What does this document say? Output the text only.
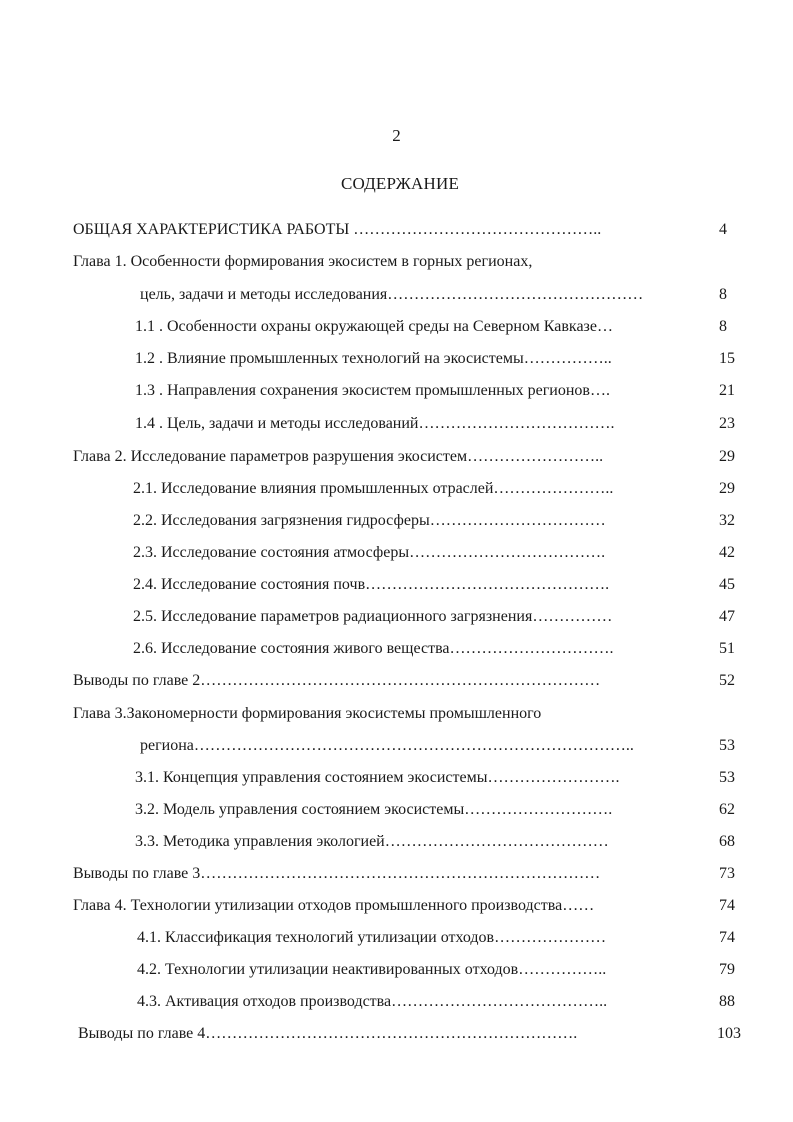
2
СОДЕРЖАНИЕ
ОБЩАЯ ХАРАКТЕРИСТИКА РАБОТЫ ………………………………………..	4
Глава 1. Особенности формирования экосистем в горных регионах,
цель, задачи и методы исследования…………………………………………	8
1.1 . Особенности охраны окружающей среды на Северном Кавказе…	8
1.2 . Влияние промышленных технологий на экосистемы……………..	15
1.3 . Направления сохранения экосистем промышленных регионов….	21
1.4 . Цель, задачи и методы исследований……………………………….	23
Глава 2. Исследование параметров разрушения экосистем……………………..	29
2.1. Исследование влияния промышленных отраслей…………………..	29
2.2. Исследования загрязнения гидросферы……………………………	32
2.3. Исследование состояния атмосферы……………………………….	42
2.4. Исследование состояния почв……………………………………….	45
2.5. Исследование параметров радиационного загрязнения……………	47
2.6. Исследование состояния живого вещества………………………….	51
Выводы по главе 2…………………………………………………………………	52
Глава 3.Закономерности формирования экосистемы промышленного
региона………………………………………………………………………..	53
3.1. Концепция управления состоянием экосистемы…………………….	53
3.2. Модель управления состоянием экосистемы……………………….	62
3.3. Методика управления экологией……………………………………	68
Выводы по главе 3…………………………………………………………………	73
Глава 4. Технологии утилизации отходов промышленного производства……	74
4.1. Классификация технологий утилизации отходов…………………	74
4.2. Технологии утилизации неактивированных отходов……………..	79
4.3. Активация отходов производства…………………………………..	88
Выводы по главе 4…………………………………………………………….	103
